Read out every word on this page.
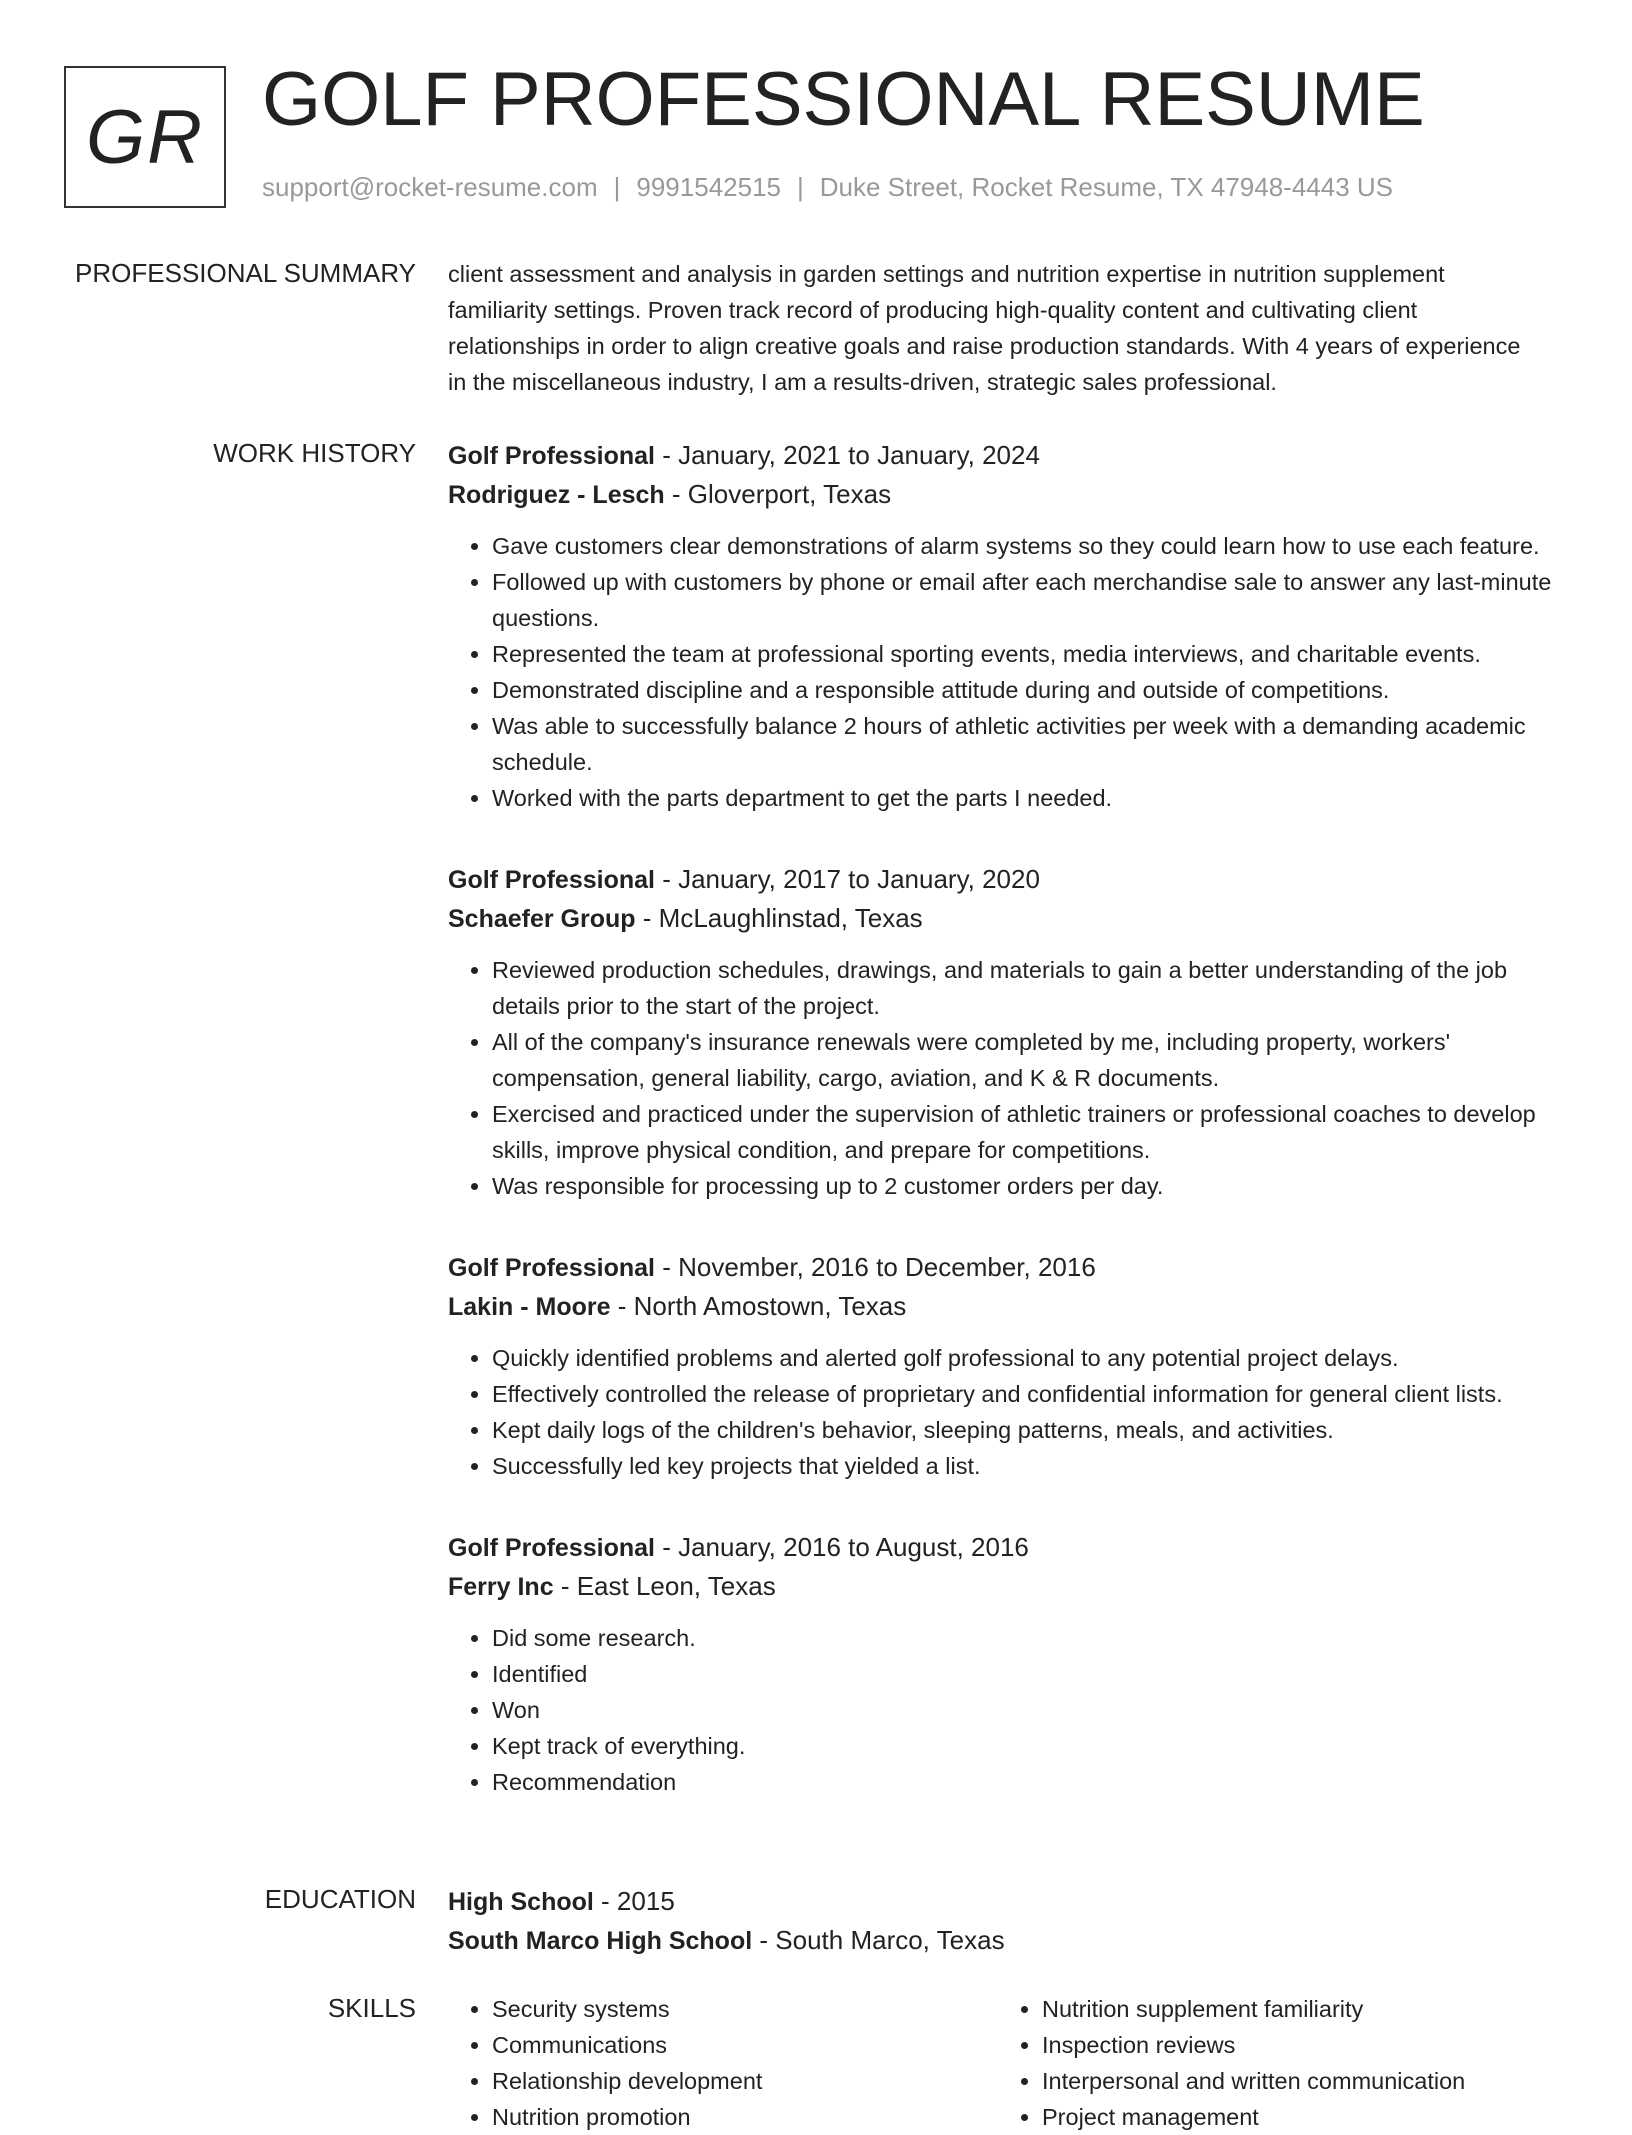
GR GOLF PROFESSIONAL RESUME
support@rocket-resume.com | 9991542515 | Duke Street, Rocket Resume, TX 47948-4443 US
PROFESSIONAL SUMMARY client assessment and analysis in garden settings and nutrition expertise in nutrition supplement familiarity settings. Proven track record of producing high-quality content and cultivating client relationships in order to align creative goals and raise production standards. With 4 years of experience in the miscellaneous industry, I am a results-driven, strategic sales professional.

WORK HISTORY Golf Professional - January, 2021 to January, 2024
Rodriguez - Lesch - Gloverport, Texas
• Gave customers clear demonstrations of alarm systems so they could learn how to use each feature.
• Followed up with customers by phone or email after each merchandise sale to answer any last-minute questions.
• Represented the team at professional sporting events, media interviews, and charitable events.
• Demonstrated discipline and a responsible attitude during and outside of competitions.
• Was able to successfully balance 2 hours of athletic activities per week with a demanding academic schedule.
• Worked with the parts department to get the parts I needed.
Golf Professional - January, 2017 to January, 2020
Schaefer Group - McLaughlinstad, Texas
• Reviewed production schedules, drawings, and materials to gain a better understanding of the job details prior to the start of the project.
• All of the company's insurance renewals were completed by me, including property, workers' compensation, general liability, cargo, aviation, and K & R documents.
• Exercised and practiced under the supervision of athletic trainers or professional coaches to develop skills, improve physical condition, and prepare for competitions.
• Was responsible for processing up to 2 customer orders per day.
Golf Professional - November, 2016 to December, 2016
Lakin - Moore - North Amostown, Texas
• Quickly identified problems and alerted golf professional to any potential project delays.
• Effectively controlled the release of proprietary and confidential information for general client lists.
• Kept daily logs of the children's behavior, sleeping patterns, meals, and activities.
• Successfully led key projects that yielded a list.
Golf Professional - January, 2016 to August, 2016
Ferry Inc - East Leon, Texas
• Did some research.
• Identified
• Won
• Kept track of everything.
• Recommendation
EDUCATION High School - 2015
South Marco High School - South Marco, Texas
SKILLS
•	Security systems
• Communications
• Relationship development
• Nutrition promotion
• Nutrition supplement familiarity
• Inspection reviews
• Interpersonal and written communication
• Project management
